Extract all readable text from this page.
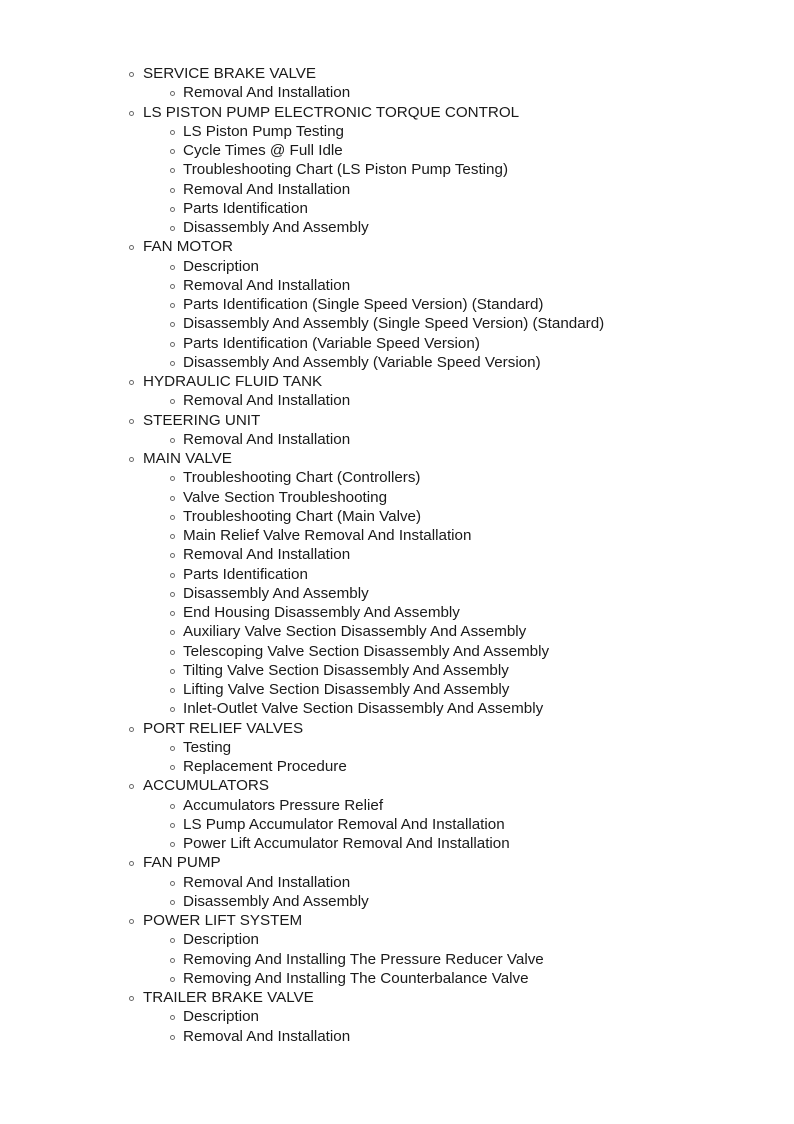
SERVICE BRAKE VALVE
Removal And Installation
LS PISTON PUMP ELECTRONIC TORQUE CONTROL
LS Piston Pump Testing
Cycle Times @ Full Idle
Troubleshooting Chart (LS Piston Pump Testing)
Removal And Installation
Parts Identification
Disassembly And Assembly
FAN MOTOR
Description
Removal And Installation
Parts Identification (Single Speed Version) (Standard)
Disassembly And Assembly (Single Speed Version) (Standard)
Parts Identification (Variable Speed Version)
Disassembly And Assembly (Variable Speed Version)
HYDRAULIC FLUID TANK
Removal And Installation
STEERING UNIT
Removal And Installation
MAIN VALVE
Troubleshooting Chart (Controllers)
Valve Section Troubleshooting
Troubleshooting Chart (Main Valve)
Main Relief Valve Removal And Installation
Removal And Installation
Parts Identification
Disassembly And Assembly
End Housing Disassembly And Assembly
Auxiliary Valve Section Disassembly And Assembly
Telescoping Valve Section Disassembly And Assembly
Tilting Valve Section Disassembly And Assembly
Lifting Valve Section Disassembly And Assembly
Inlet-Outlet Valve Section Disassembly And Assembly
PORT RELIEF VALVES
Testing
Replacement Procedure
ACCUMULATORS
Accumulators Pressure Relief
LS Pump Accumulator Removal And Installation
Power Lift Accumulator Removal And Installation
FAN PUMP
Removal And Installation
Disassembly And Assembly
POWER LIFT SYSTEM
Description
Removing And Installing The Pressure Reducer Valve
Removing And Installing The Counterbalance Valve
TRAILER BRAKE VALVE
Description
Removal And Installation
